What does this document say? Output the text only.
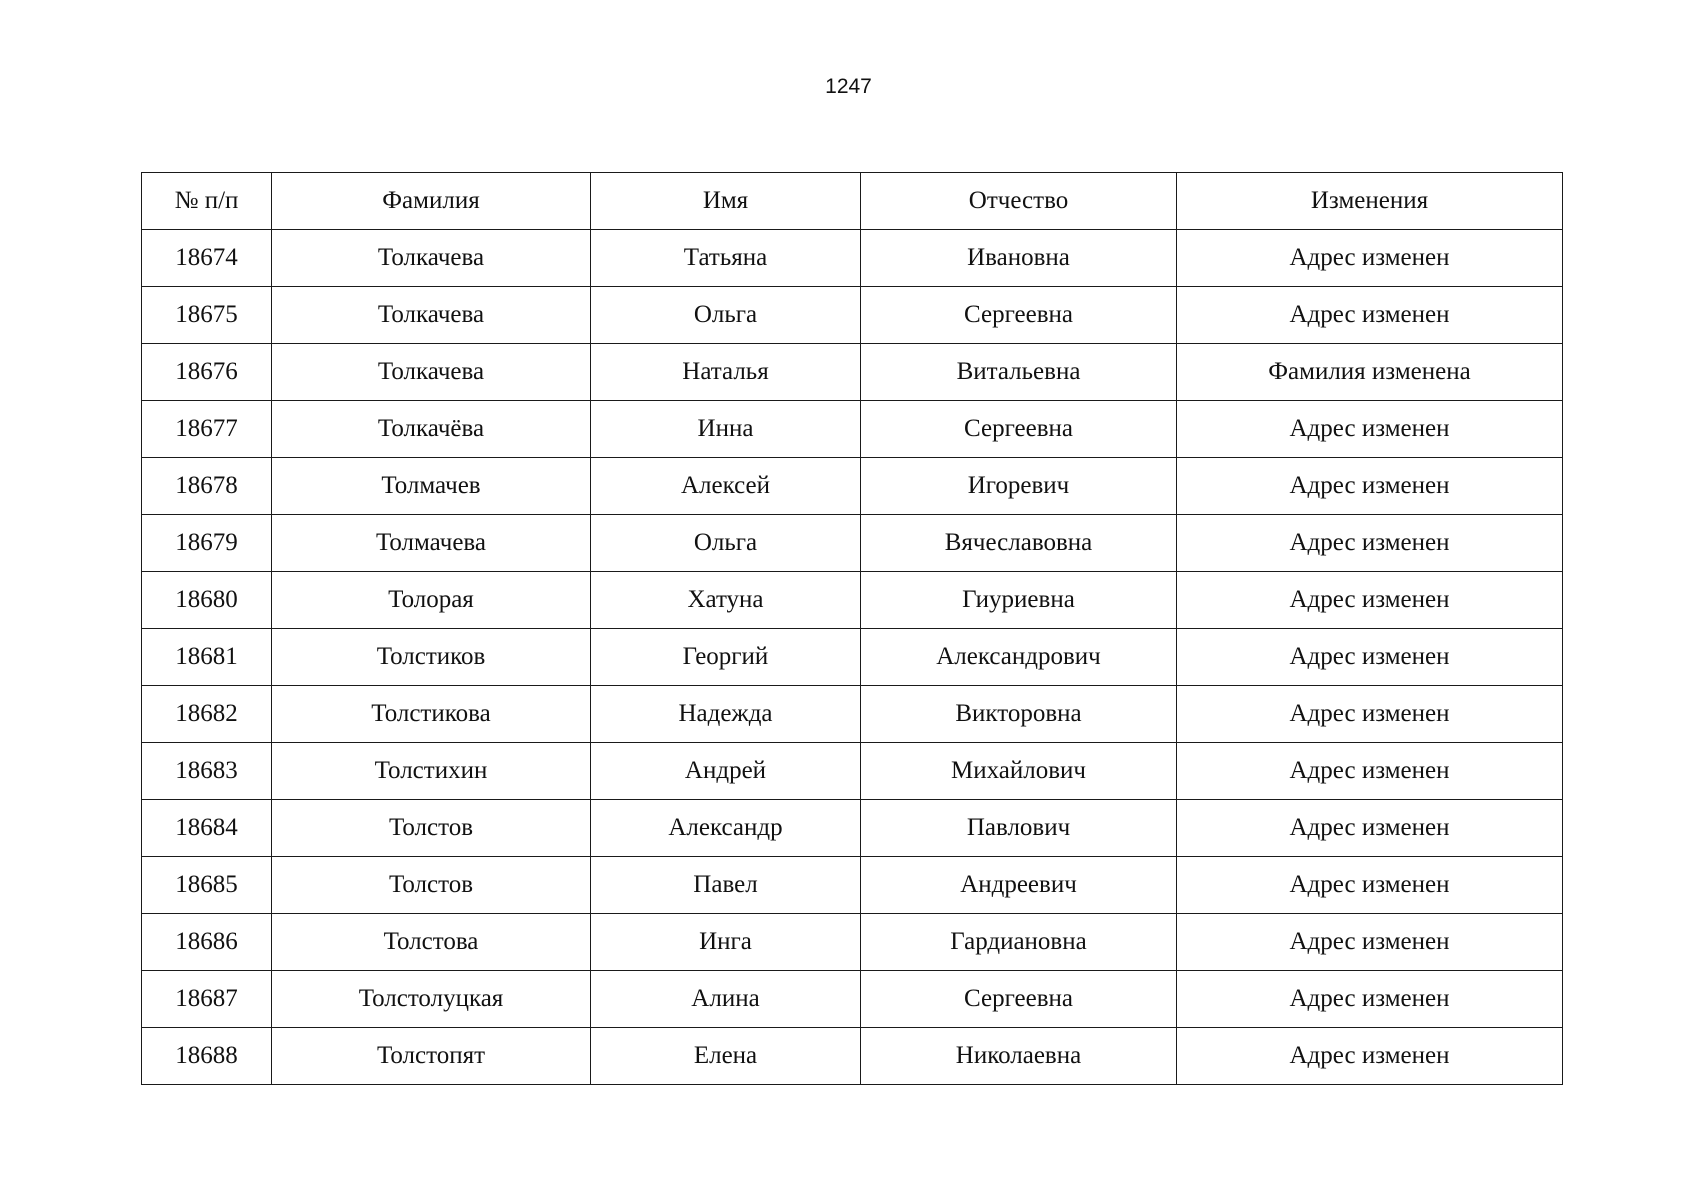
1247
№ п/п	Фамилия	Имя	Отчество	Изменения
18674	Толкачева	Татьяна	Ивановна	Адрес изменен
18675	Толкачева	Ольга	Сергеевна	Адрес изменен
18676	Толкачева	Наталья	Витальевна	Фамилия изменена
18677	Толкачёва	Инна	Сергеевна	Адрес изменен
18678	Толмачев	Алексей	Игоревич	Адрес изменен
18679	Толмачева	Ольга	Вячеславовна	Адрес изменен
18680	Толорая	Хатуна	Гиуриевна	Адрес изменен
18681	Толстиков	Георгий	Александрович	Адрес изменен
18682	Толстикова	Надежда	Викторовна	Адрес изменен
18683	Толстихин	Андрей	Михайлович	Адрес изменен
18684	Толстов	Александр	Павлович	Адрес изменен
18685	Толстов	Павел	Андреевич	Адрес изменен
18686	Толстова	Инга	Гардиановна	Адрес изменен
18687	Толстолуцкая	Алина	Сергеевна	Адрес изменен
18688	Толстопят	Елена	Николаевна	Адрес изменен
